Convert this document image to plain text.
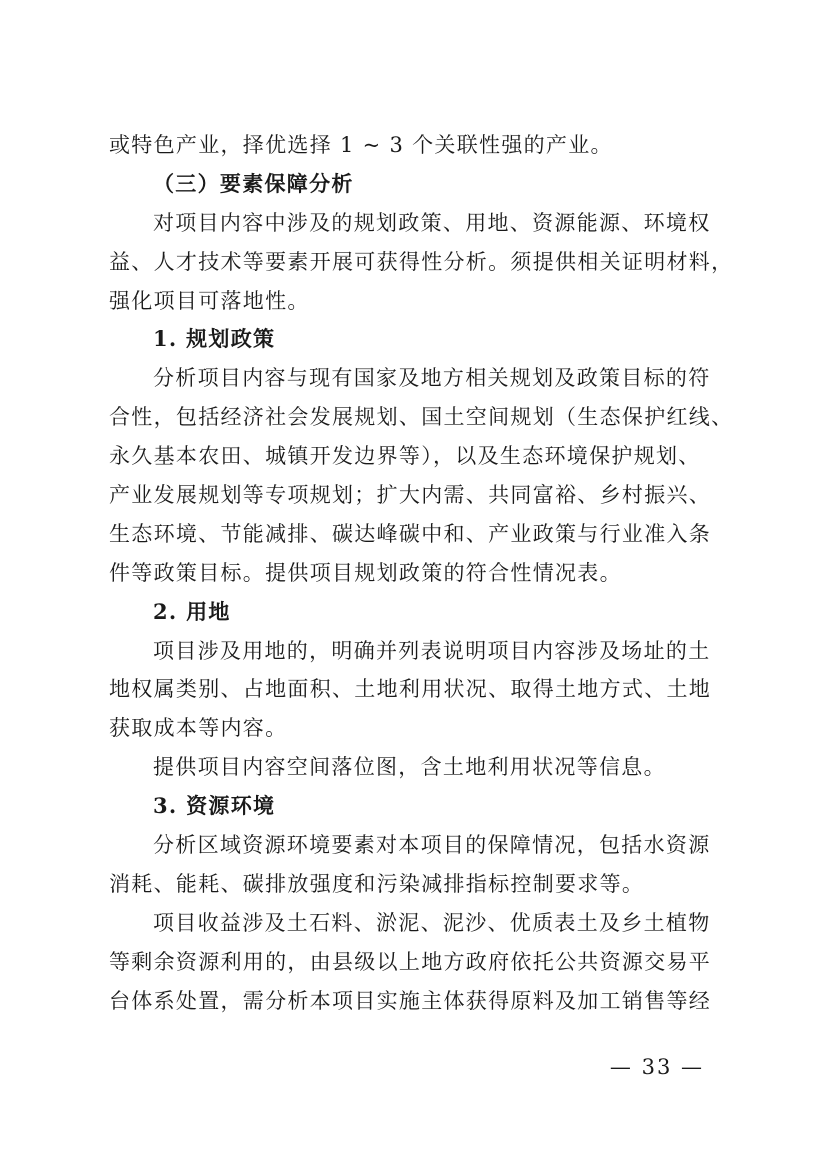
或特色产业，择优选择 1 ~ 3 个关联性强的产业。
（三）要素保障分析
对项目内容中涉及的规划政策、用地、资源能源、环境权
益、人才技术等要素开展可获得性分析。须提供相关证明材料，
强化项目可落地性。
1. 规划政策
分析项目内容与现有国家及地方相关规划及政策目标的符
合性，包括经济社会发展规划、国土空间规划（生态保护红线、
永久基本农田、城镇开发边界等），以及生态环境保护规划、
产业发展规划等专项规划；扩大内需、共同富裕、乡村振兴、
生态环境、节能减排、碳达峰碳中和、产业政策与行业准入条
件等政策目标。提供项目规划政策的符合性情况表。
2. 用地
项目涉及用地的，明确并列表说明项目内容涉及场址的土
地权属类别、占地面积、土地利用状况、取得土地方式、土地
获取成本等内容。
提供项目内容空间落位图，含土地利用状况等信息。
3. 资源环境
分析区域资源环境要素对本项目的保障情况，包括水资源
消耗、能耗、碳排放强度和污染减排指标控制要求等。
项目收益涉及土石料、淤泥、泥沙、优质表土及乡土植物
等剩余资源利用的，由县级以上地方政府依托公共资源交易平
台体系处置，需分析本项目实施主体获得原料及加工销售等经
— 33 —
